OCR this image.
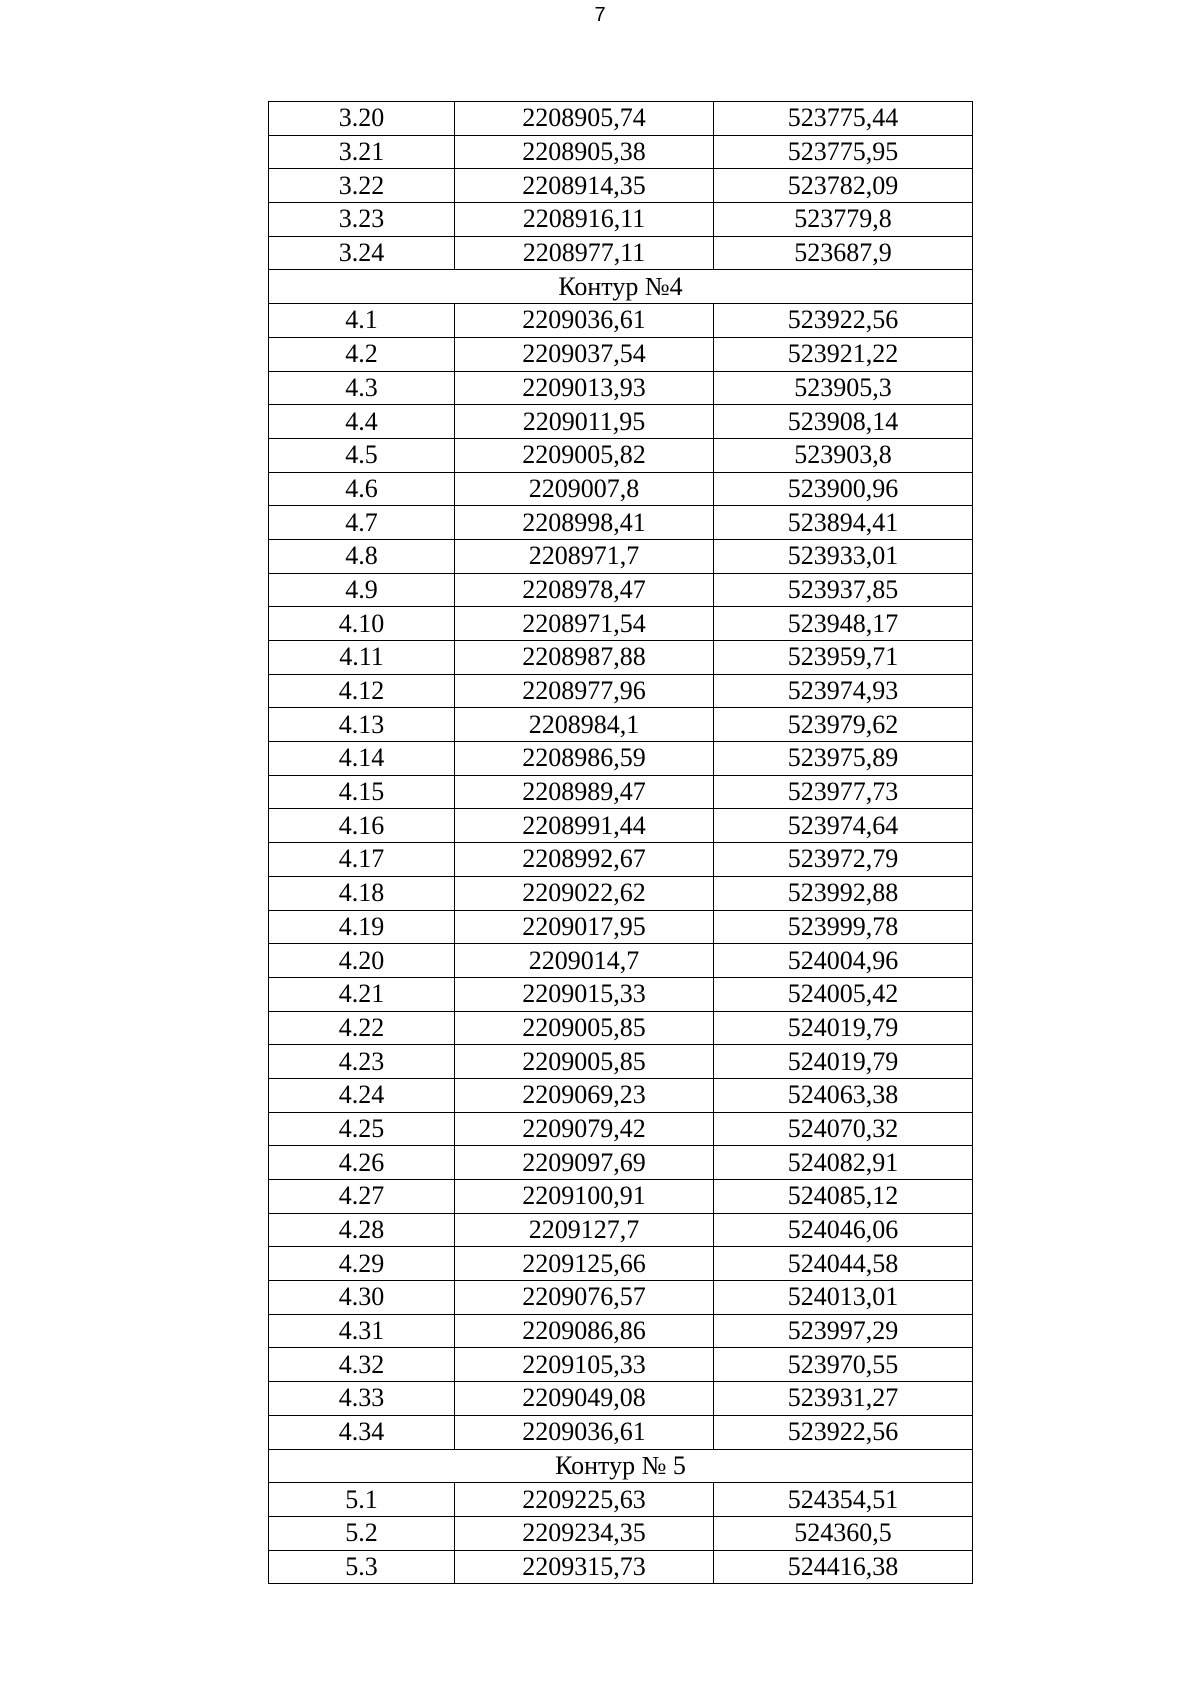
7
3.20	2208905,74	523775,44
3.21	2208905,38	523775,95
3.22	2208914,35	523782,09
3.23	2208916,11	523779,8
3.24	2208977,11	523687,9
Контур №4		
4.1	2209036,61	523922,56
4.2	2209037,54	523921,22
4.3	2209013,93	523905,3
4.4	2209011,95	523908,14
4.5	2209005,82	523903,8
4.6	2209007,8	523900,96
4.7	2208998,41	523894,41
4.8	2208971,7	523933,01
4.9	2208978,47	523937,85
4.10	2208971,54	523948,17
4.11	2208987,88	523959,71
4.12	2208977,96	523974,93
4.13	2208984,1	523979,62
4.14	2208986,59	523975,89
4.15	2208989,47	523977,73
4.16	2208991,44	523974,64
4.17	2208992,67	523972,79
4.18	2209022,62	523992,88
4.19	2209017,95	523999,78
4.20	2209014,7	524004,96
4.21	2209015,33	524005,42
4.22	2209005,85	524019,79
4.23	2209005,85	524019,79
4.24	2209069,23	524063,38
4.25	2209079,42	524070,32
4.26	2209097,69	524082,91
4.27	2209100,91	524085,12
4.28	2209127,7	524046,06
4.29	2209125,66	524044,58
4.30	2209076,57	524013,01
4.31	2209086,86	523997,29
4.32	2209105,33	523970,55
4.33	2209049,08	523931,27
4.34	2209036,61	523922,56
Контур № 5		
5.1	2209225,63	524354,51
5.2	2209234,35	524360,5
5.3	2209315,73	524416,38
